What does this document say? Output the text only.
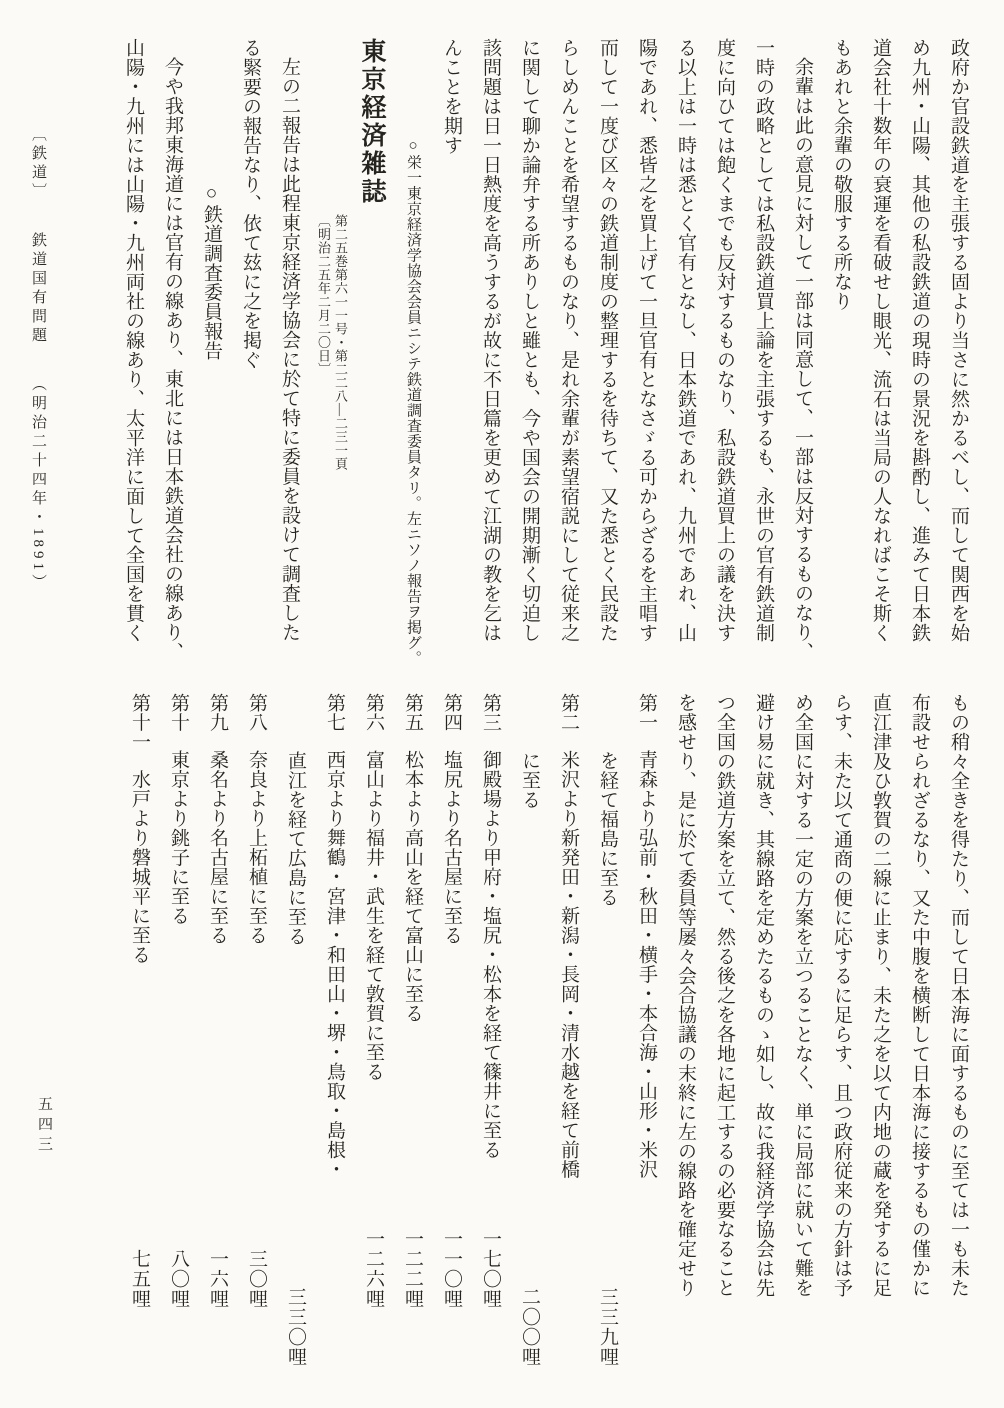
〔鉄道〕 鉄道国有問題 （明治二十四年・1891）
五四三
政府か官設鉄道を主張する固より当さに然かるべし、而して関西を始
め九州・山陽、其他の私設鉄道の現時の景況を斟酌し、進みて日本鉄
道会社十数年の衰運を看破せし眼光、流石は当局の人なればこそ斯く
もあれと余輩の敬服する所なり
余輩は此の意見に対して一部は同意して、一部は反対するものなり、
一時の政略としては私設鉄道買上論を主張するも、永世の官有鉄道制
度に向ひては飽くまでも反対するものなり、私設鉄道買上の議を決す
る以上は一時は悉とく官有となし、日本鉄道であれ、九州であれ、山
陽であれ、悉皆之を買上げて一旦官有となさゞる可からざるを主唱す
而して一度び区々の鉄道制度の整理するを待ちて、又た悉とく民設た
らしめんことを希望するものなり、是れ余輩が素望宿説にして従来之
に関して聊か論弁する所ありしと雖とも、今や国会の開期漸く切迫し
該問題は日一日熱度を高うするが故に不日篇を更めて江湖の教を乞は
んことを期す
○栄一東京経済学協会会員ニシテ鉄道調査委員タリ。左ニソノ報告ヲ掲グ。
東京経済雑誌
第二五巻第六一一号・第二二八—二三一頁
〔明治二五年二月二〇日〕
左の二報告は此程東京経済学協会に於て特に委員を設けて調査した
る緊要の報告なり、依て玆に之を掲ぐ
○鉄道調査委員報告
今や我邦東海道には官有の線あり、東北には日本鉄道会社の線あり、
山陽・九州には山陽・九州両社の線あり、太平洋に面して全国を貫く
もの稍々全きを得たり、而して日本海に面するものに至ては一も未た
布設せられざるなり、又た中腹を横断して日本海に接するもの僅かに
直江津及ひ敦賀の二線に止まり、未た之を以て内地の蔵を発するに足
らす、未た以て通商の便に応するに足らす、且つ政府従来の方針は予
め全国に対する一定の方案を立つることなく、単に局部に就いて難を
避け易に就き、其線路を定めたるものゝ如し、故に我経済学協会は先
つ全国の鉄道方案を立て、然る後之を各地に起工するの必要なること
を感せり、是に於て委員等屡々会合協議の末終に左の線路を確定せり
第一青森より弘前・秋田・横手・本合海・山形・米沢
を経て福島に至る
三三九哩
第二米沢より新発田・新潟・長岡・清水越を経て前橋
に至る
二〇〇哩
第三御殿場より甲府・塩尻・松本を経て篠井に至る
一七〇哩
第四塩尻より名古屋に至る
一一〇哩
第五松本より高山を経て富山に至る
一二二哩
第六富山より福井・武生を経て敦賀に至る
一二六哩
第七西京より舞鶴・宮津・和田山・堺・鳥取・島根・
直江を経て広島に至る
三三〇哩
第八奈良より上柘植に至る
三〇哩
第九桑名より名古屋に至る
一六哩
第十東京より銚子に至る
八〇哩
第十一水戸より磐城平に至る
七五哩
